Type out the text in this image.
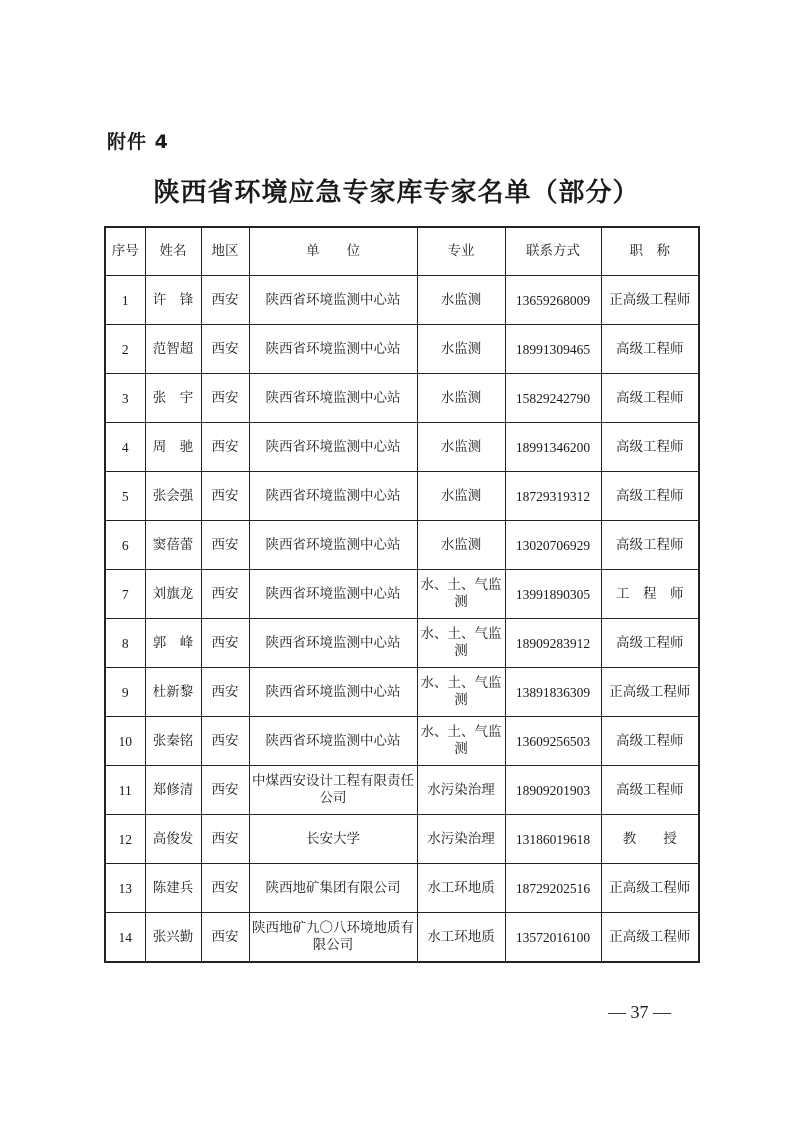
附件 4
陕西省环境应急专家库专家名单（部分）
序号	姓名	地区	单　　位	专业	联系方式	职　称
1	许　锋	西安	陕西省环境监测中心站	水监测	13659268009	正高级工程师
2	范智超	西安	陕西省环境监测中心站	水监测	18991309465	高级工程师
3	张　宇	西安	陕西省环境监测中心站	水监测	15829242790	高级工程师
4	周　驰	西安	陕西省环境监测中心站	水监测	18991346200	高级工程师
5	张会强	西安	陕西省环境监测中心站	水监测	18729319312	高级工程师
6	窦蓓蕾	西安	陕西省环境监测中心站	水监测	13020706929	高级工程师
7	刘旗龙	西安	陕西省环境监测中心站	水、土、气监测	13991890305	工　程　师
8	郭　峰	西安	陕西省环境监测中心站	水、土、气监测	18909283912	高级工程师
9	杜新黎	西安	陕西省环境监测中心站	水、土、气监测	13891836309	正高级工程师
10	张秦铭	西安	陕西省环境监测中心站	水、土、气监测	13609256503	高级工程师
11	郑修清	西安	中煤西安设计工程有限责任公司	水污染治理	18909201903	高级工程师
12	高俊发	西安	长安大学	水污染治理	13186019618	教　　授
13	陈建兵	西安	陕西地矿集团有限公司	水工环地质	18729202516	正高级工程师
14	张兴勤	西安	陕西地矿九〇八环境地质有限公司	水工环地质	13572016100	正高级工程师
— 37 —
